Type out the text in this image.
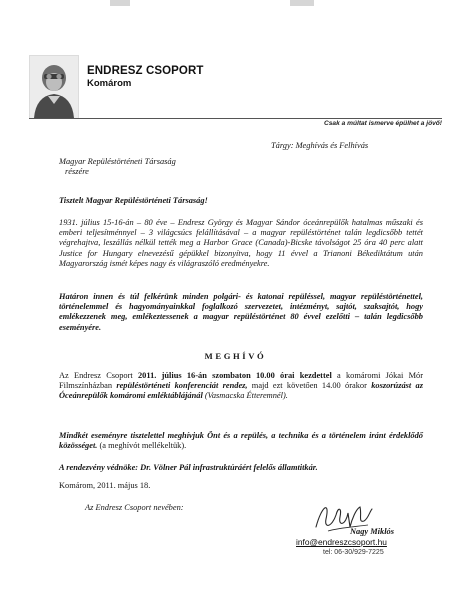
ENDRESZ CSOPORT
Komárom
Csak a múltat ismerve épülhet a jövő!
Tárgy: Meghívás és Felhívás
Magyar Repüléstörténeti Társaság
részére
Tisztelt Magyar Repüléstörténeti Társaság!
1931. július 15-16-án – 80 éve – Endresz György és Magyar Sándor óceánrepülők hatalmas műszaki és emberi teljesítménnyel – 3 világcsúcs felállításával – a magyar repüléstörténet talán legdicsőbb tettét végrehajtva, leszállás nélkül tették meg a Harbor Grace (Canada)-Bicske távolságot 25 óra 40 perc alatt Justice for Hungary elnevezésű gépükkel bizonyítva, hogy 11 évvel a Trianoni Békediktátum után Magyarország ismét képes nagy és világraszóló eredményekre.
Határon innen és túl felkérünk minden polgári- és katonai repüléssel, magyar repüléstörténettel, történelemmel és hagyományainkkal foglalkozó szervezetet, intézményt, sajtót, szaksajtót, hogy emlékezzenek meg, emlékeztessenek a magyar repüléstörténet 80 évvel ezelőtti – talán legdicsőbb eseményére.
MEGHÍVÓ
Az Endresz Csoport 2011. július 16-án szombaton 10.00 órai kezdettel a komáromi Jókai Mór Filmszínházban repüléstörténeti konferenciát rendez, majd ezt követően 14.00 órakor koszorúzást az Óceánrepülők komáromi emléktáblájánál (Vasmacska Étteremnél).
Mindkét eseményre tisztelettel meghívjuk Önt és a repülés, a technika és a történelem iránt érdeklődő közösséget. (a meghívót mellékeltük).
A rendezvény védnöke: Dr. Völner Pál infrastruktúráért felelős államtitkár.
Komárom, 2011. május 18.
Az Endresz Csoport nevében:
Nagy Miklós
info@endreszcsoport.hu
tel: 06-30/929-7225
